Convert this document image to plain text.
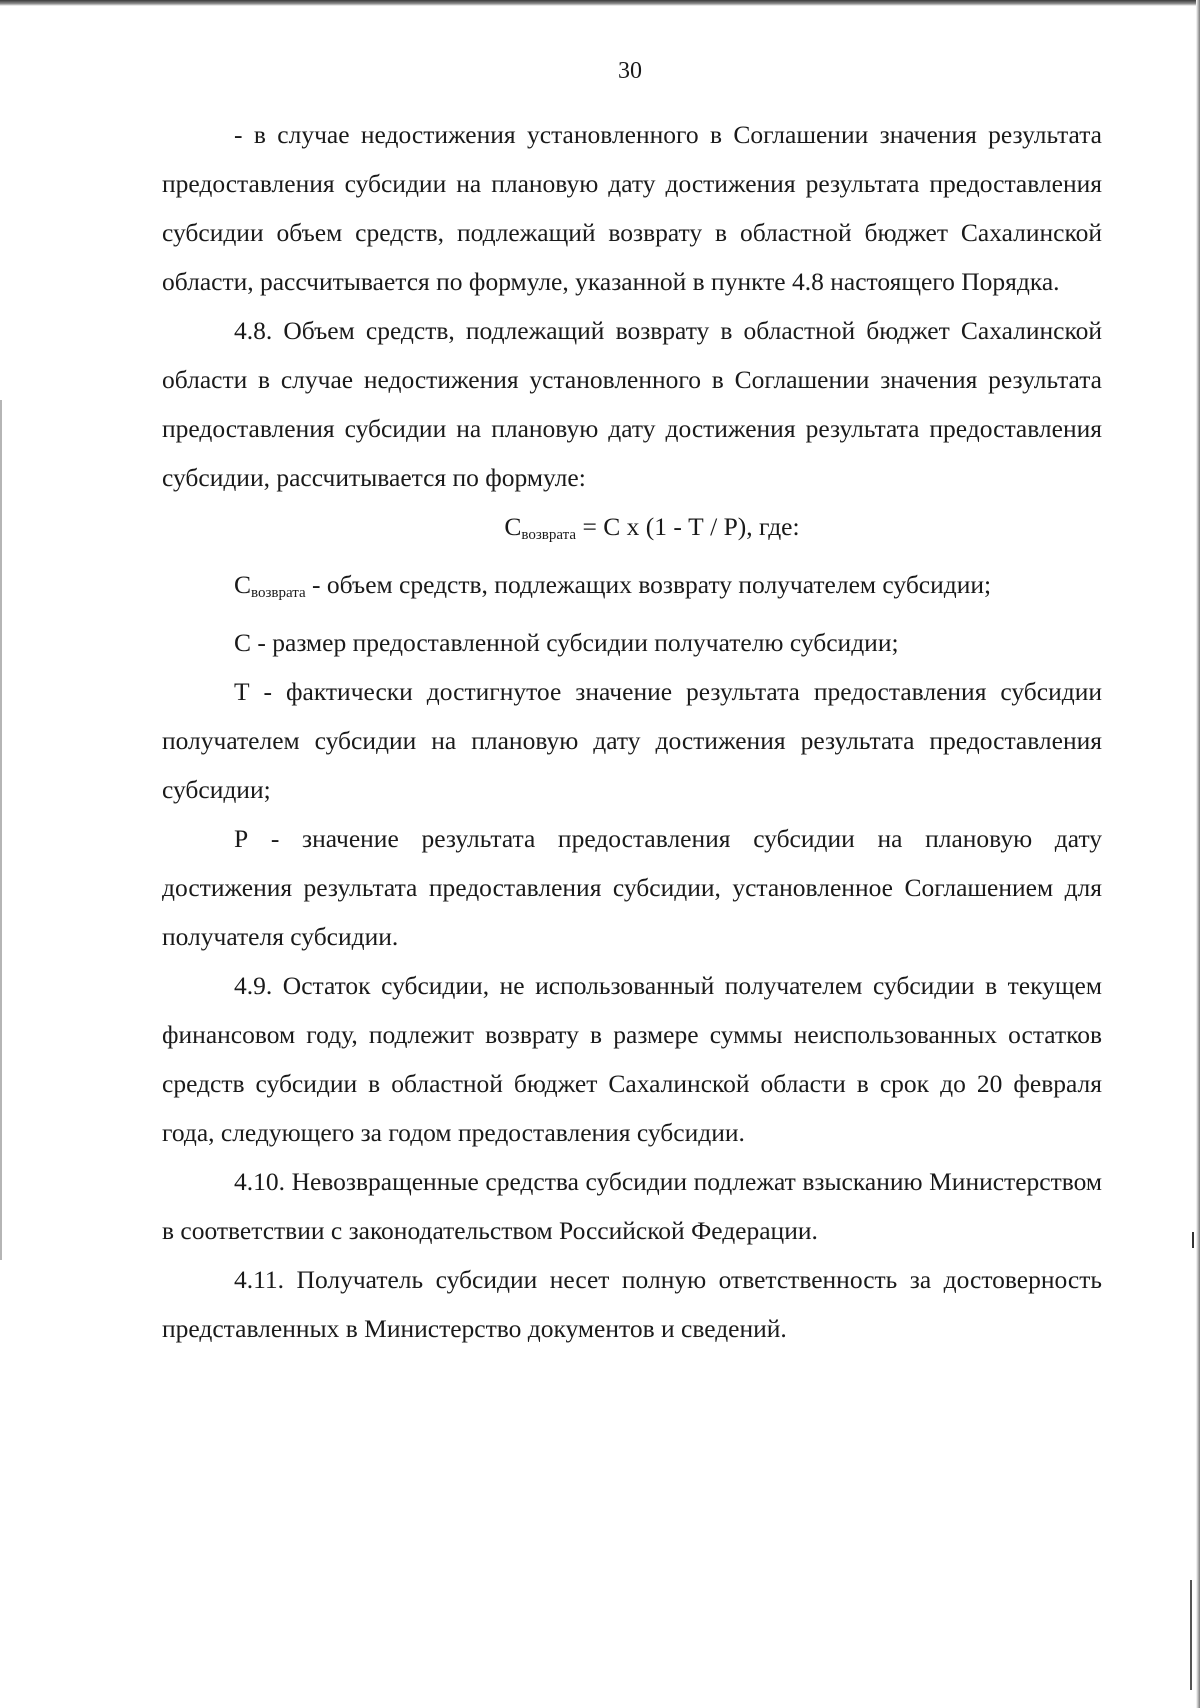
30

- в случае недостижения установленного в Соглашении значения результата предоставления субсидии на плановую дату достижения результата предоставления субсидии объем средств, подлежащий возврату в областной бюджет Сахалинской области, рассчитывается по формуле, указанной в пункте 4.8 настоящего Порядка.

4.8. Объем средств, подлежащий возврату в областной бюджет Сахалинской области в случае недостижения установленного в Соглашении значения результата предоставления субсидии на плановую дату достижения результата предоставления субсидии, рассчитывается по формуле:

$С_{возврата} = С$ х (1 - Т / Р), где:

$С_{возврата}$ - объем средств, подлежащих возврату получателем субсидии;

С - размер предоставленной субсидии получателю субсидии;

Т - фактически достигнутое значение результата предоставления субсидии получателем субсидии на плановую дату достижения результата предоставления субсидии;

Р - значение результата предоставления субсидии на плановую дату достижения результата предоставления субсидии, установленное Соглашением для получателя субсидии.

4.9. Остаток субсидии, не использованный получателем субсидии в текущем финансовом году, подлежит возврату в размере суммы неиспользованных остатков средств субсидии в областной бюджет Сахалинской области в срок до 20 февраля года, следующего за годом предоставления субсидии.

4.10. Невозвращенные средства субсидии подлежат взысканию Министерством в соответствии с законодательством Российской Федерации.

4.11. Получатель субсидии несет полную ответственность за достоверность представленных в Министерство документов и сведений.
